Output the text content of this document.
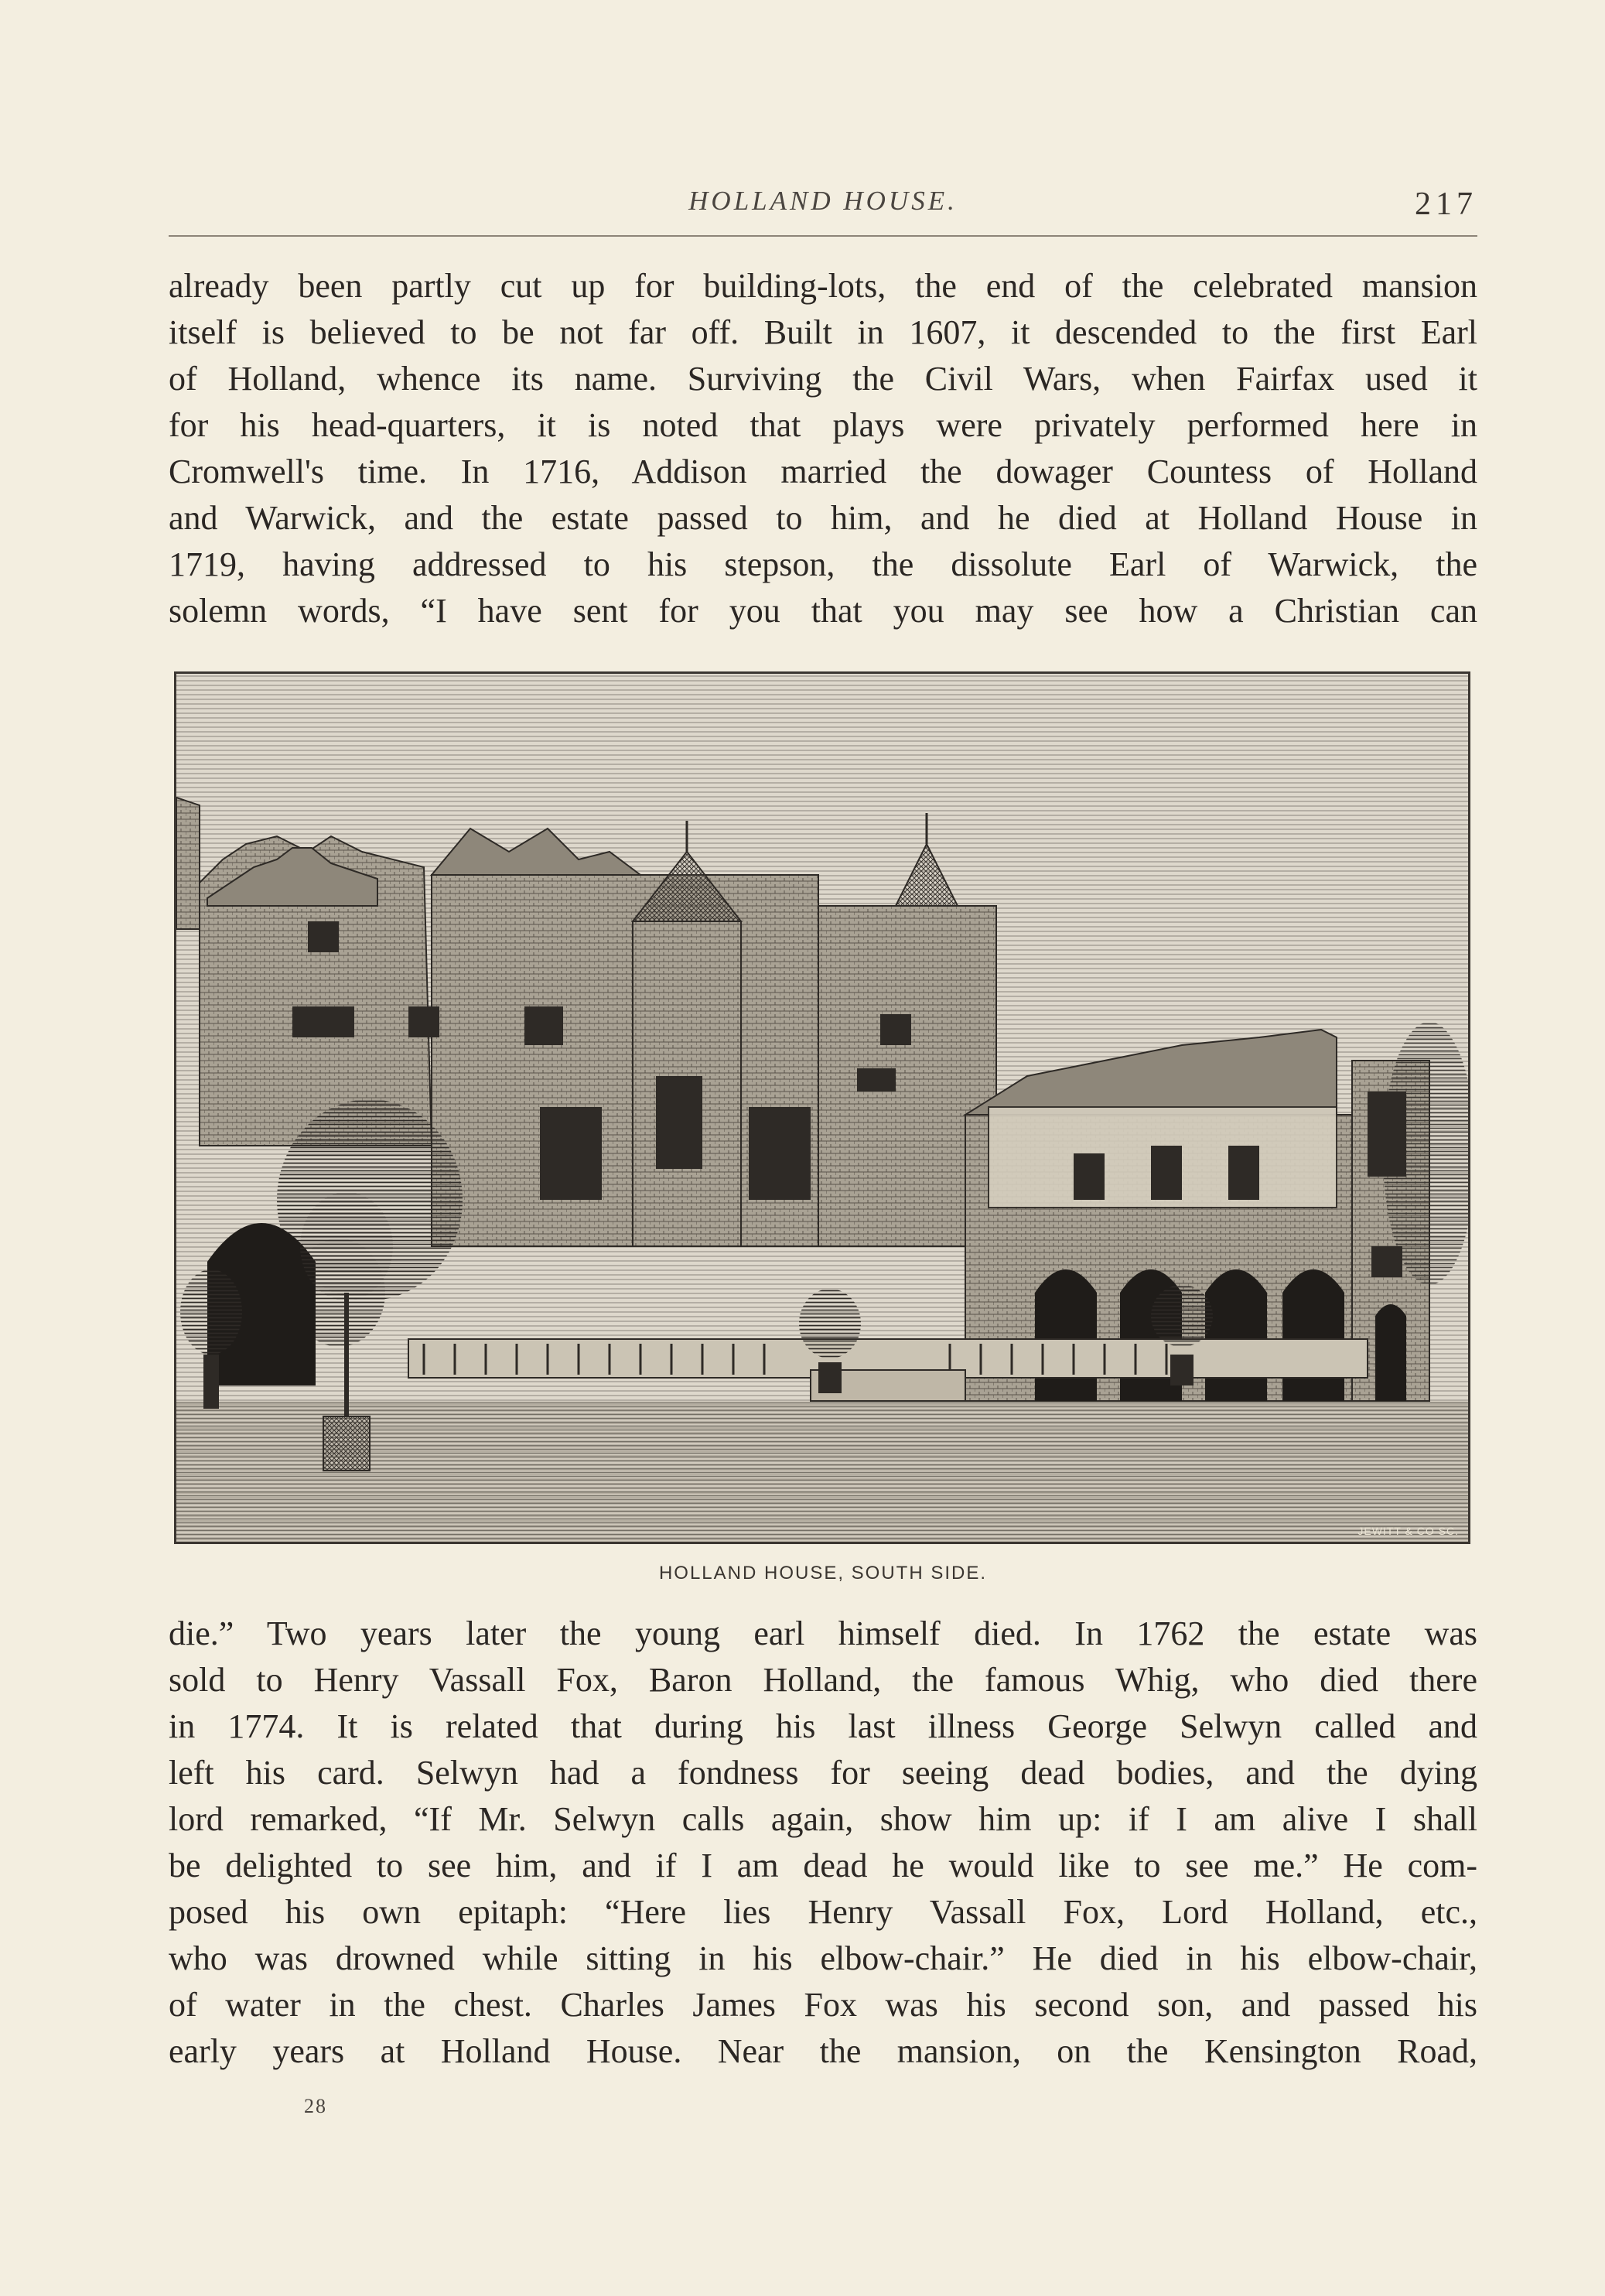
HOLLAND HOUSE.	217
already been partly cut up for building-lots, the end of the celebrated mansion
itself is believed to be not far off. Built in 1607, it descended to the first Earl
of Holland, whence its name. Surviving the Civil Wars, when Fairfax used it
for his head-quarters, it is noted that plays were privately performed here in
Cromwell's time. In 1716, Addison married the dowager Countess of Holland
and Warwick, and the estate passed to him, and he died at Holland House in
1719, having addressed to his stepson, the dissolute Earl of Warwick, the
solemn words, “I have sent for you that you may see how a Christian can
JEWITT & CO SC.
HOLLAND HOUSE, SOUTH SIDE.
die.” Two years later the young earl himself died. In 1762 the estate was
sold to Henry Vassall Fox, Baron Holland, the famous Whig, who died there
in 1774. It is related that during his last illness George Selwyn called and
left his card. Selwyn had a fondness for seeing dead bodies, and the dying
lord remarked, “If Mr. Selwyn calls again, show him up: if I am alive I shall
be delighted to see him, and if I am dead he would like to see me.” He com-
posed his own epitaph: “Here lies Henry Vassall Fox, Lord Holland, etc.,
who was drowned while sitting in his elbow-chair.” He died in his elbow-chair,
of water in the chest. Charles James Fox was his second son, and passed his
early years at Holland House. Near the mansion, on the Kensington Road,
28
